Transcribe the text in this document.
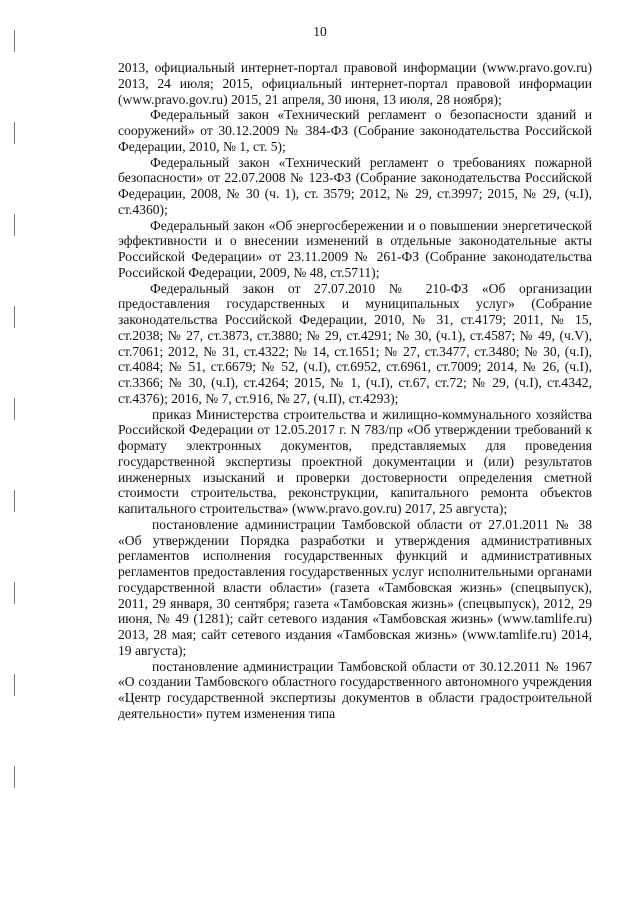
10

2013, официальный интернет-портал правовой информации (www.pravo.gov.ru) 2013, 24 июля; 2015, официальный интернет-портал правовой информации (www.pravo.gov.ru) 2015, 21 апреля, 30 июня, 13 июля, 28 ноября);

Федеральный закон «Технический регламент о безопасности зданий и сооружений» от 30.12.2009 № 384-ФЗ (Собрание законодательства Российской Федерации, 2010, № 1, ст. 5);

Федеральный закон «Технический регламент о требованиях пожарной безопасности» от 22.07.2008 № 123-ФЗ (Собрание законодательства Российской Федерации, 2008, № 30 (ч. 1), ст. 3579; 2012, № 29, ст.3997; 2015, № 29, (ч.I), ст.4360);

Федеральный закон «Об энергосбережении и о повышении энергетической эффективности и о внесении изменений в отдельные законодательные акты Российской Федерации» от 23.11.2009 № 261-ФЗ (Собрание законодательства Российской Федерации, 2009, № 48, ст.5711);

Федеральный закон от 27.07.2010 № 210-ФЗ «Об организации предоставления государственных и муниципальных услуг» (Собрание законодательства Российской Федерации, 2010, № 31, ст.4179; 2011, № 15, ст.2038; № 27, ст.3873, ст.3880; № 29, ст.4291; № 30, (ч.1), ст.4587; № 49, (ч.V), ст.7061; 2012, № 31, ст.4322; № 14, ст.1651; № 27, ст.3477, ст.3480; № 30, (ч.I), ст.4084; № 51, ст.6679; № 52, (ч.I), ст.6952, ст.6961, ст.7009; 2014, № 26, (ч.I), ст.3366; № 30, (ч.I), ст.4264; 2015, № 1, (ч.I), ст.67, ст.72; № 29, (ч.I), ст.4342, ст.4376); 2016, № 7, ст.916, № 27, (ч.II), ст.4293);

приказ Министерства строительства и жилищно-коммунального хозяйства Российской Федерации от 12.05.2017 г. N 783/пр «Об утверждении требований к формату электронных документов, представляемых для проведения государственной экспертизы проектной документации и (или) результатов инженерных изысканий и проверки достоверности определения сметной стоимости строительства, реконструкции, капитального ремонта объектов капитального строительства» (www.pravo.gov.ru) 2017, 25 августа);

постановление администрации Тамбовской области от 27.01.2011 № 38 «Об утверждении Порядка разработки и утверждения административных регламентов исполнения государственных функций и административных регламентов предоставления государственных услуг исполнительными органами государственной власти области» (газета «Тамбовская жизнь» (спецвыпуск), 2011, 29 января, 30 сентября; газета «Тамбовская жизнь» (спецвыпуск), 2012, 29 июня, № 49 (1281); сайт сетевого издания «Тамбовская жизнь» (www.tamlife.ru) 2013, 28 мая; сайт сетевого издания «Тамбовская жизнь» (www.tamlife.ru) 2014, 19 августа);

постановление администрации Тамбовской области от 30.12.2011 № 1967 «О создании Тамбовского областного государственного автономного учреждения «Центр государственной экспертизы документов в области градостроительной деятельности» путем изменения типа
